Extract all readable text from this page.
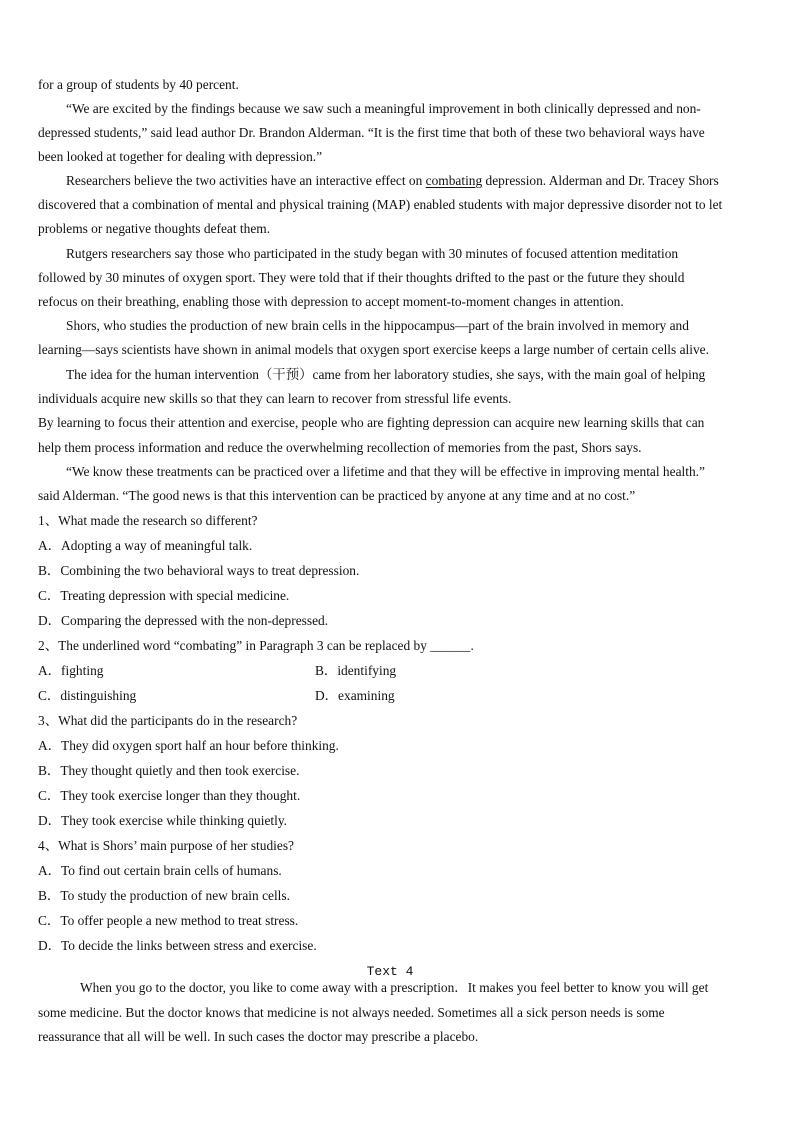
for a group of students by 40 percent.
“We are excited by the findings because we saw such a meaningful improvement in both clinically depressed and non-
depressed students,” said lead author Dr. Brandon Alderman. “It is the first time that both of these two behavioral ways have
been looked at together for dealing with depression.”
Researchers believe the two activities have an interactive effect on combating depression. Alderman and Dr. Tracey Shors
discovered that a combination of mental and physical training (MAP) enabled students with major depressive disorder not to let
problems or negative thoughts defeat them.
Rutgers researchers say those who participated in the study began with 30 minutes of focused attention meditation
followed by 30 minutes of oxygen sport. They were told that if their thoughts drifted to the past or the future they should
refocus on their breathing, enabling those with depression to accept moment-to-moment changes in attention.
Shors, who studies the production of new brain cells in the hippocampus—part of the brain involved in memory and
learning—says scientists have shown in animal models that oxygen sport exercise keeps a large number of certain cells alive.
The idea for the human intervention（干预）came from her laboratory studies, she says, with the main goal of helping
individuals acquire new skills so that they can learn to recover from stressful life events.
By learning to focus their attention and exercise, people who are fighting depression can acquire new learning skills that can
help them process information and reduce the overwhelming recollection of memories from the past, Shors says.
“We know these treatments can be practiced over a lifetime and that they will be effective in improving mental health.”
said Alderman. “The good news is that this intervention can be practiced by anyone at any time and at no cost.”
1、What made the research so different?
A．Adopting a way of meaningful talk.
B．Combining the two behavioral ways to treat depression.
C．Treating depression with special medicine.
D．Comparing the depressed with the non-depressed.
2、The underlined word “combating” in Paragraph 3 can be replaced by ______.
A．fighting	B．identifying
C．distinguishing	D．examining
3、What did the participants do in the research?
A．They did oxygen sport half an hour before thinking.
B．They thought quietly and then took exercise.
C．They took exercise longer than they thought.
D．They took exercise while thinking quietly.
4、What is Shors’ main purpose of her studies?
A．To find out certain brain cells of humans.
B．To study the production of new brain cells.
C．To offer people a new method to treat stress.
D．To decide the links between stress and exercise.
Text 4
When you go to the doctor, you like to come away with a prescription．It makes you feel better to know you will get
some medicine. But the doctor knows that medicine is not always needed. Sometimes all a sick person needs is some
reassurance that all will be well. In such cases the doctor may prescribe a placebo.
